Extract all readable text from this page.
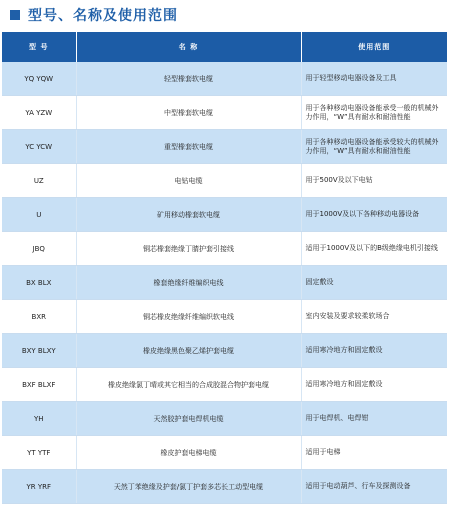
型号、名称及使用范围
型 号	名 称	使用范围
YQ YQW	轻型橡套软电缆	用于轻型移动电器设备及工具
YA YZW	中型橡套软电缆	用于各种移动电器设备能承受一般的机械外力作用，“W”具有耐水和耐油性能
YC YCW	重型橡套软电缆	用于各种移动电器设备能承受较大的机械外力作用，“W”具有耐水和耐油性能
UZ	电钻电缆	用于500V及以下电钻
U	矿用移动橡套软电缆	用于1000V及以下各种移动电器设备
JBQ	铜芯橡套绝缘丁腈护套引接线	适用于1000V及以下的B级绝缘电机引接线
BX BLX	橡套绝缘纤维编织电线	固定敷设
BXR	铜芯橡皮绝缘纤维编织软电线	室内安装及要求较柔软场合
BXY BLXY	橡皮绝缘黑色聚乙烯护套电缆	适用寒冷地方和固定敷设
BXF BLXF	橡皮绝缘氯丁晴或其它相当的合成胶混合物护套电缆	适用寒冷地方和固定敷设
YH	天然胶护套电焊机电缆	用于电焊机、电焊钳
YT YTF	橡皮护套电梯电缆	适用于电梯
YR YRF	天然丁苯绝缘及护套/氯丁护套多芯长工动型电缆	适用于电动葫芦、行车及探测设备
